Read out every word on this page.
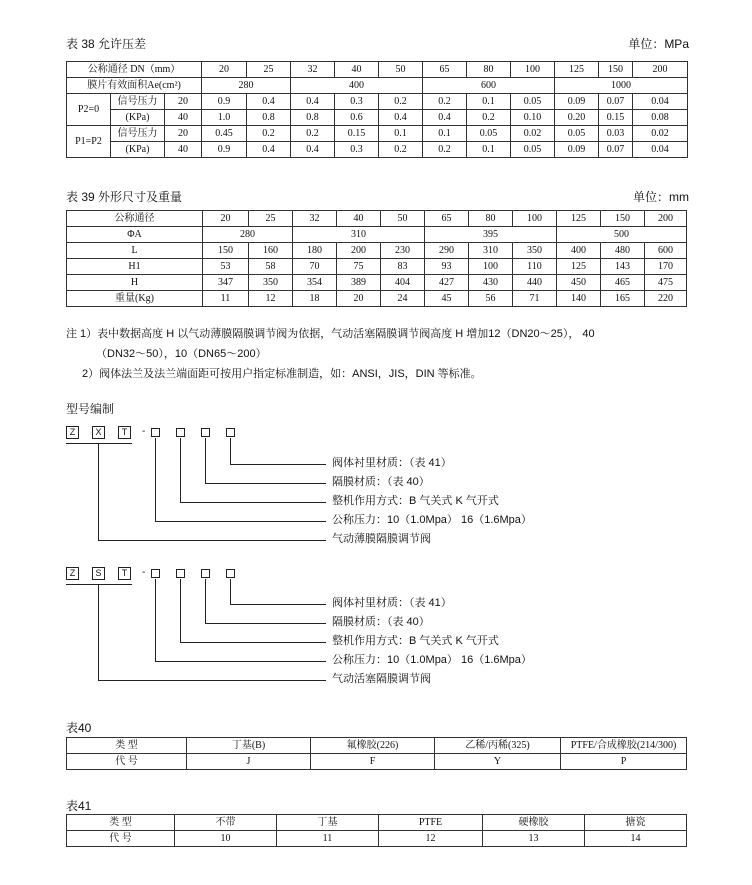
表 38 允许压差	单位：MPa
公称通径 DN（mm）			20	25	32	40	50	65	80	100	125	150	200
膜片有效面积Ae(cm²)			280		400			600			1000		
P2=0	信号压力	20	0.9	0.4	0.4	0.3	0.2	0.2	0.1	0.05	0.09	0.07	0.04
	(KPa)	40	1.0	0.8	0.8	0.6	0.4	0.4	0.2	0.10	0.20	0.15	0.08
P1=P2	信号压力	20	0.45	0.2	0.2	0.15	0.1	0.1	0.05	0.02	0.05	0.03	0.02
	(KPa)	40	0.9	0.4	0.4	0.3	0.2	0.2	0.1	0.05	0.09	0.07	0.04
表 39 外形尺寸及重量	单位：mm
公称通径	20	25	32	40	50	65	80	100	125	150	200
ΦA	280		310			395			500		
L	150	160	180	200	230	290	310	350	400	480	600
H1	53	58	70	75	83	93	100	110	125	143	170
H	347	350	354	389	404	427	430	440	450	465	475
重量(Kg)	11	12	18	20	24	45	56	71	140	165	220
注 1）表中数据高度 H 以气动薄膜隔膜调节阀为依据，气动活塞隔膜调节阀高度 H 增加12（DN20～25）， 40
（DN32～50），10（DN65～200）
2）阀体法兰及法兰端面距可按用户指定标准制造，如：ANSI，JIS，DIN 等标准。
型号编制
Z	X	T	-
阀体衬里材质：（表 41）
隔膜材质：（表 40）
整机作用方式：B 气关式 K 气开式
公称压力：10（1.0Mpa） 16（1.6Mpa）
气动薄膜隔膜调节阀
Z	S	T	-
阀体衬里材质：（表 41）
隔膜材质：（表 40）
整机作用方式：B 气关式 K 气开式
公称压力：10（1.0Mpa） 16（1.6Mpa）
气动活塞隔膜调节阀
表40
类 型	丁基(B)	氟橡胶(226)	乙稀/丙稀(325)	PTFE/合成橡胶(214/300)
代 号	J	F	Y	P
表41
类 型	不带	丁基	PTFE	硬橡胶	搪瓷
代 号	10	11	12	13	14
